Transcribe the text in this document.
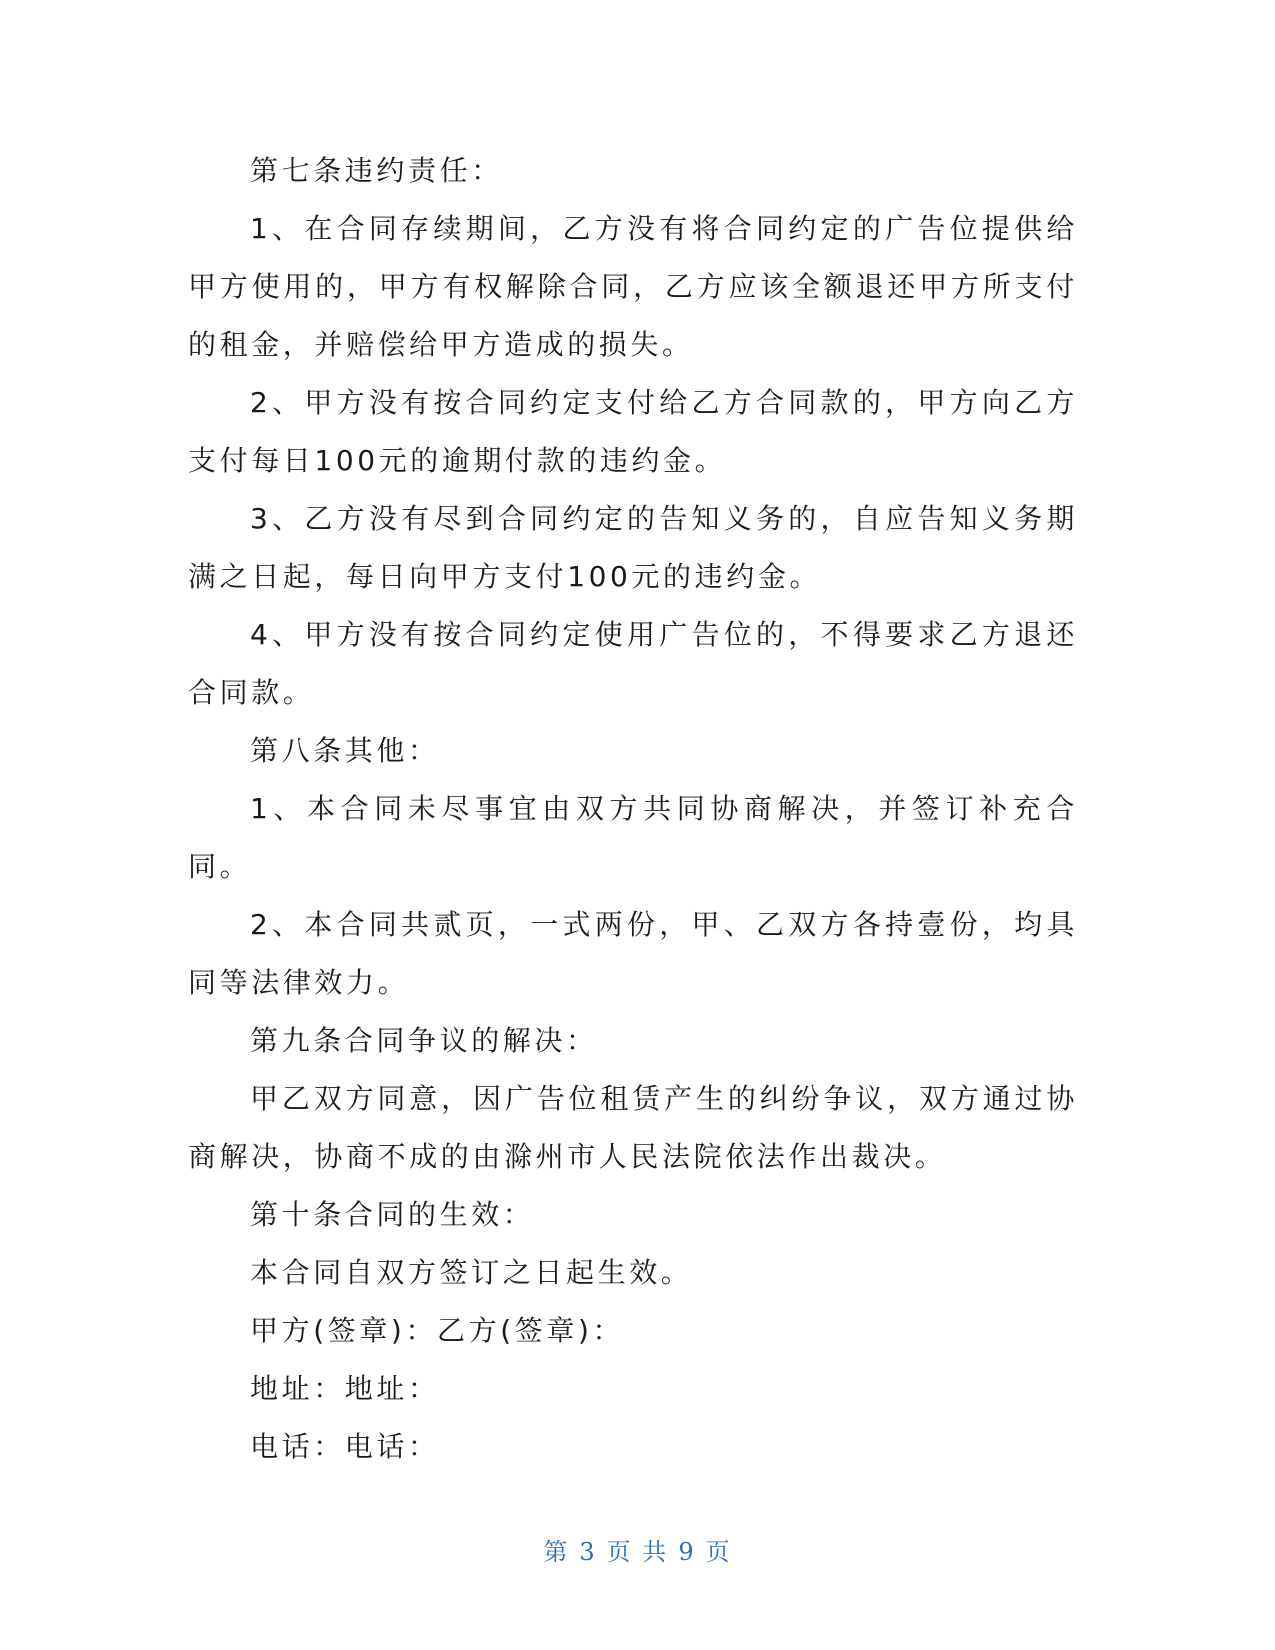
第七条违约责任：

1、在合同存续期间，乙方没有将合同约定的广告位提供给甲方使用的，甲方有权解除合同，乙方应该全额退还甲方所支付的租金，并赔偿给甲方造成的损失。

2、甲方没有按合同约定支付给乙方合同款的，甲方向乙方支付每日100元的逾期付款的违约金。

3、乙方没有尽到合同约定的告知义务的，自应告知义务期满之日起，每日向甲方支付100元的违约金。

4、甲方没有按合同约定使用广告位的，不得要求乙方退还合同款。

第八条其他：

1、本合同未尽事宜由双方共同协商解决，并签订补充合同。

2、本合同共贰页，一式两份，甲、乙双方各持壹份，均具同等法律效力。

第九条合同争议的解决：

甲乙双方同意，因广告位租赁产生的纠纷争议，双方通过协商解决，协商不成的由滁州市人民法院依法作出裁决。

第十条合同的生效：

本合同自双方签订之日起生效。

甲方(签章)：乙方(签章)：

地址：地址：

电话：电话：

第 3 页 共 9 页
